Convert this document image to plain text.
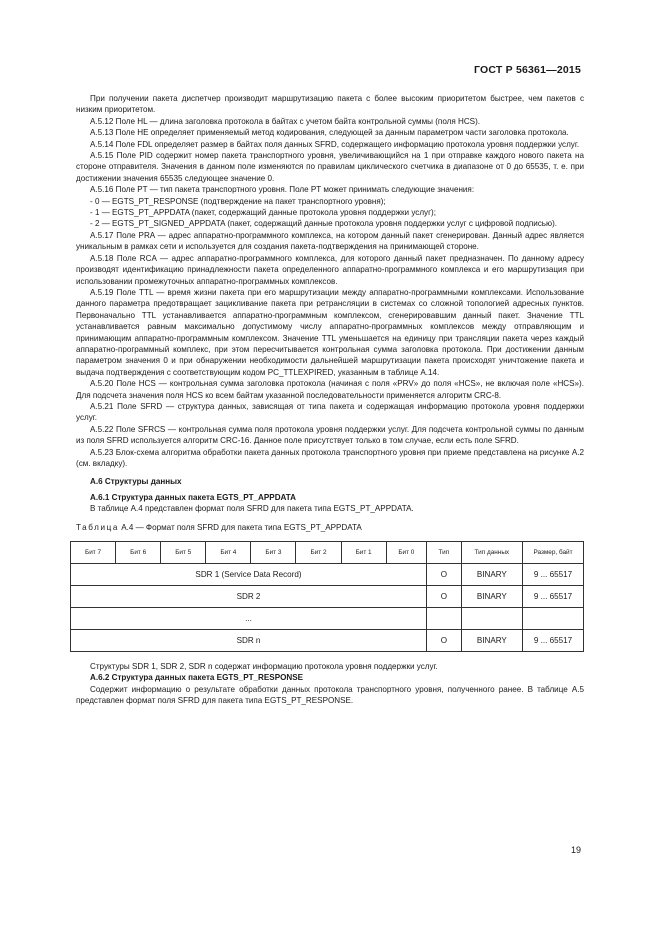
ГОСТ Р 56361—2015

При получении пакета диспетчер производит маршрутизацию пакета с более высоким приоритетом быстрее, чем пакетов с низким приоритетом.

А.5.12 Поле HL — длина заголовка протокола в байтах с учетом байта контрольной суммы (поля HCS).

А.5.13 Поле HE определяет применяемый метод кодирования, следующей за данным параметром части заголовка протокола.

А.5.14 Поле FDL определяет размер в байтах поля данных SFRD, содержащего информацию протокола уровня поддержки услуг.

А.5.15 Поле PID содержит номер пакета транспортного уровня, увеличивающийся на 1 при отправке каждого нового пакета на стороне отправителя. Значения в данном поле изменяются по правилам циклического счетчика в диапазоне от 0 до 65535, т. е. при достижении значения 65535 следующее значение 0.

А.5.16 Поле PT — тип пакета транспортного уровня. Поле PT может принимать следующие значения:

- 0 — EGTS_PT_RESPONSE (подтверждение на пакет транспортного уровня);

- 1 — EGTS_PT_APPDATA (пакет, содержащий данные протокола уровня поддержки услуг);

- 2 — EGTS_PT_SIGNED_APPDATA (пакет, содержащий данные протокола уровня поддержки услуг с цифровой подписью).

А.5.17 Поле PRA — адрес аппаратно-программного комплекса, на котором данный пакет сгенерирован. Данный адрес является уникальным в рамках сети и используется для создания пакета-подтверждения на принимающей стороне.

А.5.18 Поле RCA — адрес аппаратно-программного комплекса, для которого данный пакет предназначен. По данному адресу производят идентификацию принадлежности пакета определенного аппаратно-программного комплекса и его маршрутизация при использовании промежуточных аппаратно-программных комплексов.

А.5.19 Поле TTL — время жизни пакета при его маршрутизации между аппаратно-программными комплексами. Использование данного параметра предотвращает зацикливание пакета при ретрансляции в системах со сложной топологией адресных пунктов. Первоначально TTL устанавливается аппаратно-программным комплексом, сгенерировавшим данный пакет. Значение TTL устанавливается равным максимально допустимому числу аппаратно-программных комплексов между отправляющим и принимающим аппаратно-программным комплексом. Значение TTL уменьшается на единицу при трансляции пакета через каждый аппаратно-программный комплекс, при этом пересчитывается контрольная сумма заголовка протокола. При достижении данным параметром значения 0 и при обнаружении необходимости дальнейшей маршрутизации пакета происходят уничтожение пакета и выдача подтверждения с соответствующим кодом PC_TTLEXPIRED, указанным в таблице А.14.

А.5.20 Поле HCS — контрольная сумма заголовка протокола (начиная с поля «PRV» до поля «HCS», не включая поле «HCS»). Для подсчета значения поля HCS ко всем байтам указанной последовательности применяется алгоритм CRC-8.

А.5.21 Поле SFRD — структура данных, зависящая от типа пакета и содержащая информацию протокола уровня поддержки услуг.

А.5.22 Поле SFRCS — контрольная сумма поля протокола уровня поддержки услуг. Для подсчета контрольной суммы по данным из поля SFRD используется алгоритм CRC-16. Данное поле присутствует только в том случае, если есть поле SFRD.

А.5.23 Блок-схема алгоритма обработки пакета данных протокола транспортного уровня при приеме представлена на рисунке А.2 (см. вкладку).

А.6 Структуры данных

А.6.1 Структура данных пакета EGTS_PT_APPDATA

В таблице А.4 представлен формат поля SFRD для пакета типа EGTS_PT_APPDATA.

Таблица А.4 — Формат поля SFRD для пакета типа EGTS_PT_APPDATA

Бит 7	Бит 6	Бит 5	Бит 4	Бит 3	Бит 2	Бит 1	Бит 0	Тип	Тип данных	Размер, байт
SDR 1 (Service Data Record)								O	BINARY	9 ... 65517
SDR 2								O	BINARY	9 ... 65517
...										
SDR n								O	BINARY	9 ... 65517

Структуры SDR 1, SDR 2, SDR n содержат информацию протокола уровня поддержки услуг.

А.6.2 Структура данных пакета EGTS_PT_RESPONSE

Содержит информацию о результате обработки данных протокола транспортного уровня, полученного ранее. В таблице А.5 представлен формат поля SFRD для пакета типа EGTS_PT_RESPONSE.

19
